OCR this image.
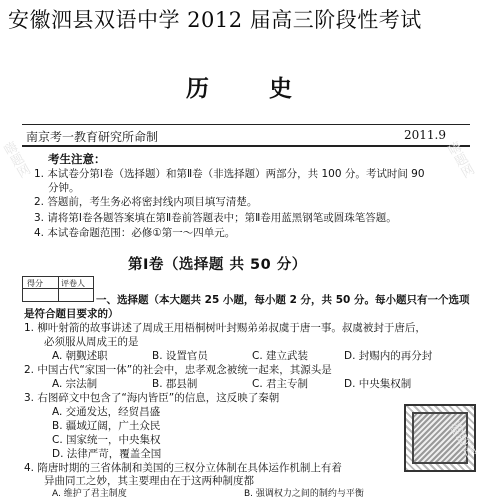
安徽泗县双语中学 2012 届高三阶段性考试
历 史
南京考一教育研究所命制	2011.9
考生注意：
1. 本试卷分第Ⅰ卷（选择题）和第Ⅱ卷（非选择题）两部分，共 100 分。考试时间 90
分钟。
2. 答题前，考生务必将密封线内项目填写清楚。
3. 请将第Ⅰ卷各题答案填在第Ⅱ卷前答题表中；第Ⅱ卷用蓝黑钢笔或圆珠笔答题。
4. 本试卷命题范围：必修①第一～四单元。
第Ⅰ卷（选择题 共 50 分）
得分 评卷人
一、选择题（本大题共 25 小题，每小题 2 分，共 50 分。每小题只有一个选项
是符合题目要求的）
1. 柳叶射箭的故事讲述了周成王用梧桐树叶封赐弟弟叔虞于唐一事。叔虞被封于唐后，
必须服从周成王的是
A. 朝觐述职	B. 设置官员	C. 建立武装	D. 封赐内的再分封
2. 中国古代“家国一体”的社会中，忠孝观念被统一起来，其源头是
A. 宗法制	B. 郡县制	C. 君主专制	D. 中央集权制
3. 右图碎文中包含了“海内皆臣”的信息，这反映了秦朝
A. 交通发达，经贸昌盛
B. 疆域辽阔，广土众民
C. 国家统一，中央集权
D. 法律严苛，覆盖全国
4. 隋唐时期的三省体制和美国的三权分立体制在具体运作机制上有着
异曲同工之妙，其主要理由在于这两种制度都
A. 维护了君主制度	B. 强调权力之间的制约与平衡
嗨
题
网
嗨
题
网
嗨
题
网
